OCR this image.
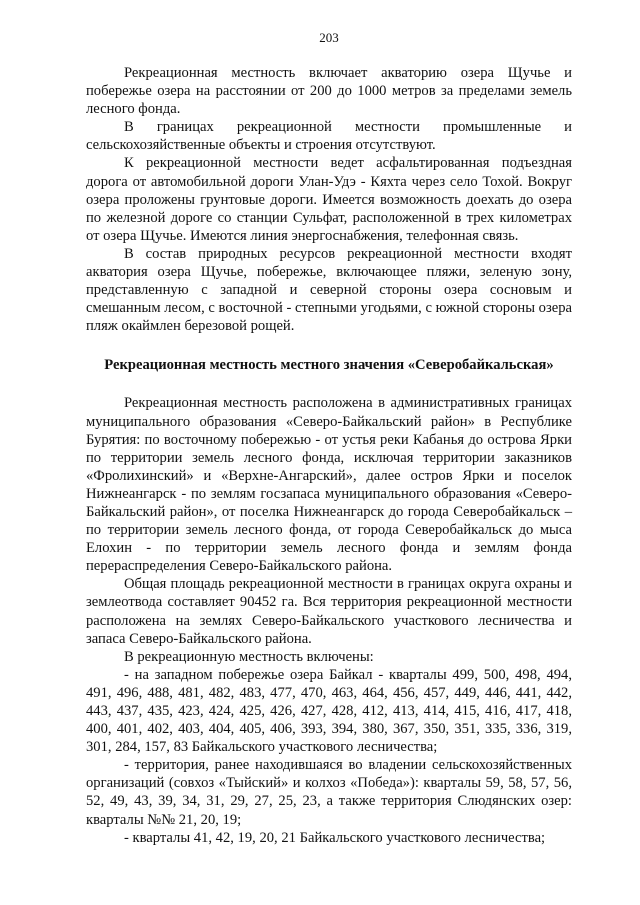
203

Рекреационная местность включает акваторию озера Щучье и побережье озера на расстоянии от 200 до 1000 метров за пределами земель лесного фонда.

В границах рекреационной местности промышленные и сельскохозяйственные объекты и строения отсутствуют.

К рекреационной местности ведет асфальтированная подъездная дорога от автомобильной дороги Улан-Удэ - Кяхта через село Тохой. Вокруг озера проложены грунтовые дороги. Имеется возможность доехать до озера по железной дороге со станции Сульфат, расположенной в трех километрах от озера Щучье. Имеются линия энергоснабжения, телефонная связь.

В состав природных ресурсов рекреационной местности входят акватория озера Щучье, побережье, включающее пляжи, зеленую зону, представленную с западной и северной стороны озера сосновым и смешанным лесом, с восточной - степными угодьями, с южной стороны озера пляж окаймлен березовой рощей.

Рекреационная местность местного значения «Северобайкальская»

Рекреационная местность расположена в административных границах муниципального образования «Северо-Байкальский район» в Республике Бурятия: по восточному побережью - от устья реки Кабанья до острова Ярки по территории земель лесного фонда, исключая территории заказников «Фролихинский» и «Верхне-Ангарский», далее остров Ярки и поселок Нижнеангарск - по землям госзапаса муниципального образования «Северо-Байкальский район», от поселка Нижнеангарск до города Северобайкальск – по территории земель лесного фонда, от города Северобайкальск до мыса Елохин - по территории земель лесного фонда и землям фонда перераспределения Северо-Байкальского района.

Общая площадь рекреационной местности в границах округа охраны и землеотвода составляет 90452 га. Вся территория рекреационной местности расположена на землях Северо-Байкальского участкового лесничества и запаса Северо-Байкальского района.

В рекреационную местность включены:

- на западном побережье озера Байкал - кварталы 499, 500, 498, 494, 491, 496, 488, 481, 482, 483, 477, 470, 463, 464, 456, 457, 449, 446, 441, 442, 443, 437, 435, 423, 424, 425, 426, 427, 428, 412, 413, 414, 415, 416, 417, 418, 400, 401, 402, 403, 404, 405, 406, 393, 394, 380, 367, 350, 351, 335, 336, 319, 301, 284, 157, 83 Байкальского участкового лесничества;

- территория, ранее находившаяся во владении сельскохозяйственных организаций (совхоз «Тыйский» и колхоз «Победа»): кварталы 59, 58, 57, 56, 52, 49, 43, 39, 34, 31, 29, 27, 25, 23, а также территория Слюдянских озер: кварталы №№ 21, 20, 19;

- кварталы 41, 42, 19, 20, 21 Байкальского участкового лесничества;
